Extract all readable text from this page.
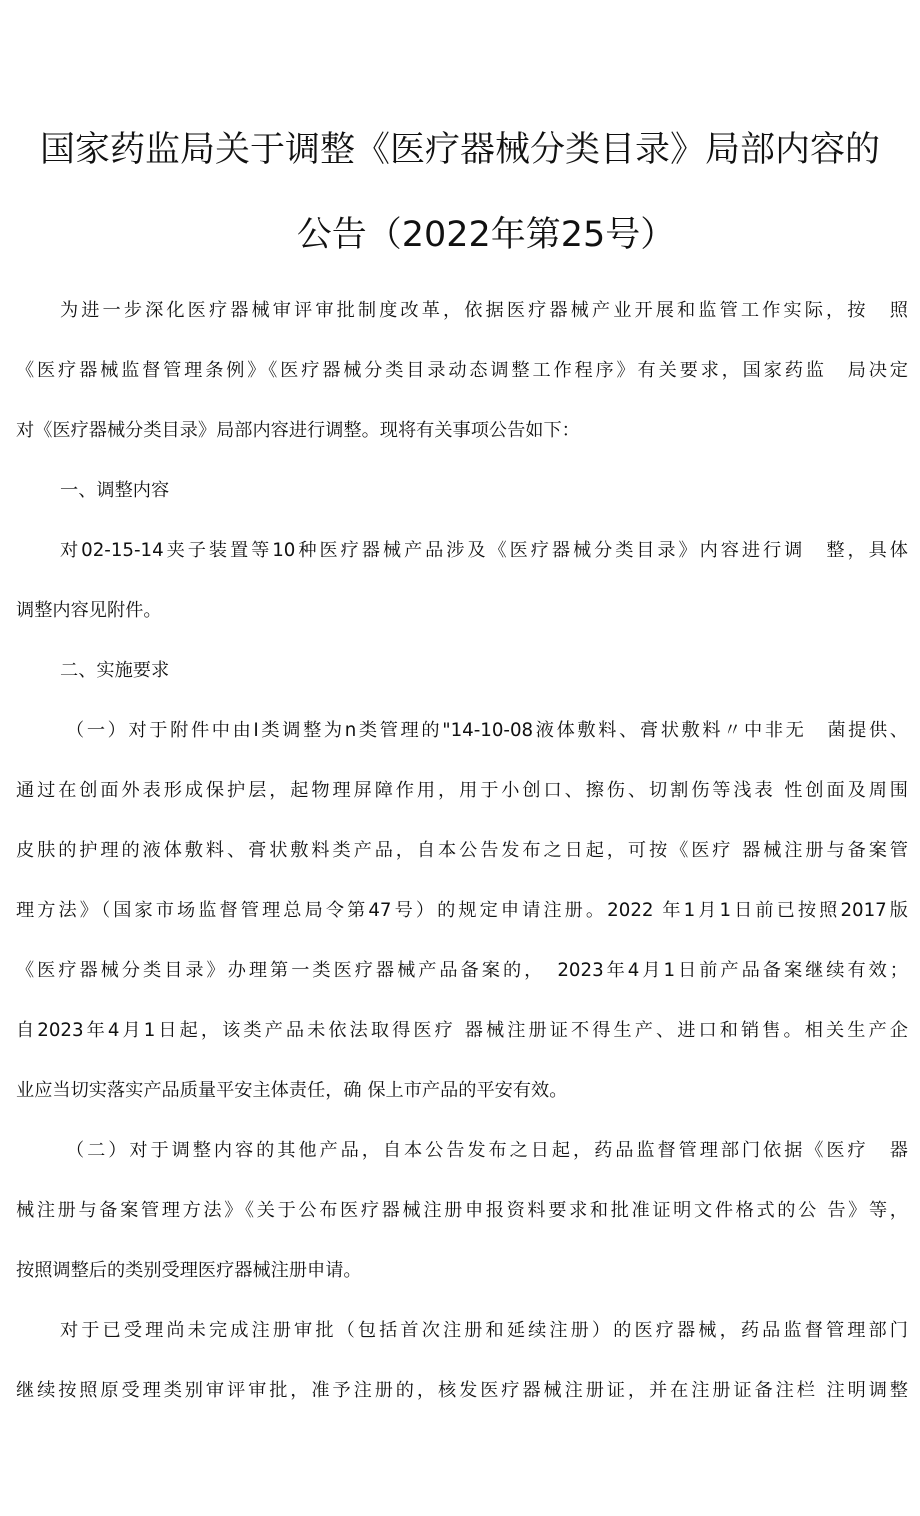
国家药监局关于调整《医疗器械分类目录》局部内容的
公告（2022年第25号）
为进一步深化医疗器械审评审批制度改革，依据医疗器械产业开展和监管工作实际，按　照
《医疗器械监督管理条例》《医疗器械分类目录动态调整工作程序》有关要求，国家药监　局决定
对《医疗器械分类目录》局部内容进行调整。现将有关事项公告如下：
一、调整内容
对02-15-14夹子装置等10种医疗器械产品涉及《医疗器械分类目录》内容进行调　整，具体
调整内容见附件。
二、实施要求
（一）对于附件中由I类调整为n类管理的"14-10-08液体敷料、膏状敷料〃中非无　菌提供、
通过在创面外表形成保护层，起物理屏障作用，用于小创口、擦伤、切割伤等浅表 性创面及周围
皮肤的护理的液体敷料、膏状敷料类产品，自本公告发布之日起，可按《医疗 器械注册与备案管
理方法》（国家市场监督管理总局令第47号）的规定申请注册。2022 年1月1日前已按照2017版
《医疗器械分类目录》办理第一类医疗器械产品备案的，　2023年4月1日前产品备案继续有效；
自2023年4月1日起，该类产品未依法取得医疗 器械注册证不得生产、进口和销售。相关生产企
业应当切实落实产品质量平安主体责任，确 保上市产品的平安有效。
（二）对于调整内容的其他产品，自本公告发布之日起，药品监督管理部门依据《医疗　器
械注册与备案管理方法》《关于公布医疗器械注册申报资料要求和批准证明文件格式的公 告》等，
按照调整后的类别受理医疗器械注册申请。
对于已受理尚未完成注册审批（包括首次注册和延续注册）的医疗器械，药品监督管理部门
继续按照原受理类别审评审批，准予注册的，核发医疗器械注册证，并在注册证备注栏 注明调整
